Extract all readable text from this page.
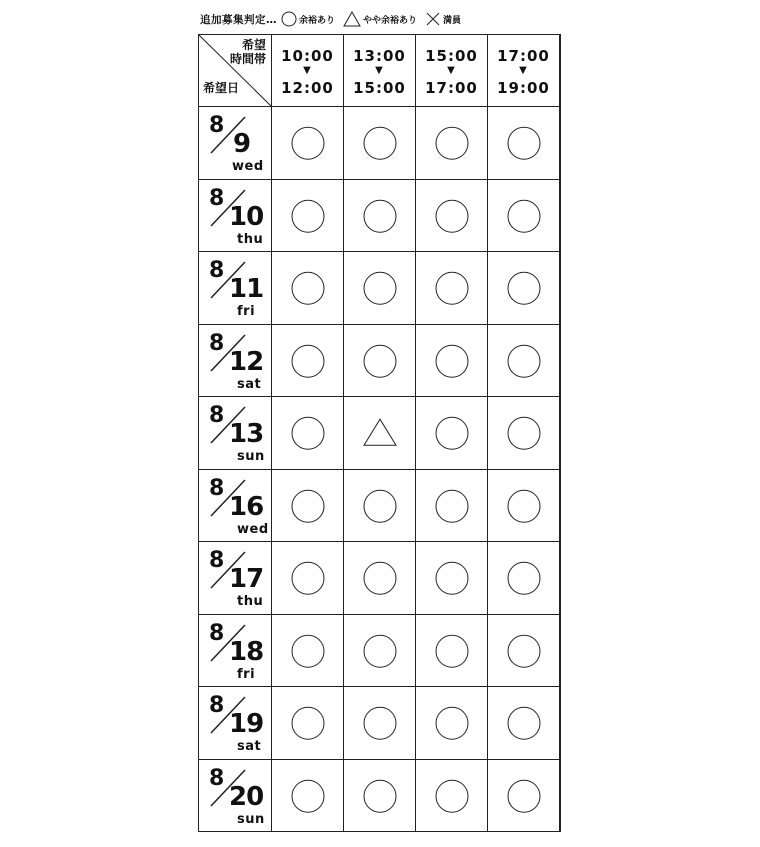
追加募集判定… 余裕あり	やや余裕あり	満員
希望
時間帯
希望日
10:00
▼
12:00
13:00
▼
15:00
15:00
▼
17:00
17:00
▼
19:00
8
9
wed
8
10
thu
8
11
fri
8
12
sat
8
13
sun
8
16
wed
8
17
thu
8
18
fri
8
19
sat
8
20
sun
